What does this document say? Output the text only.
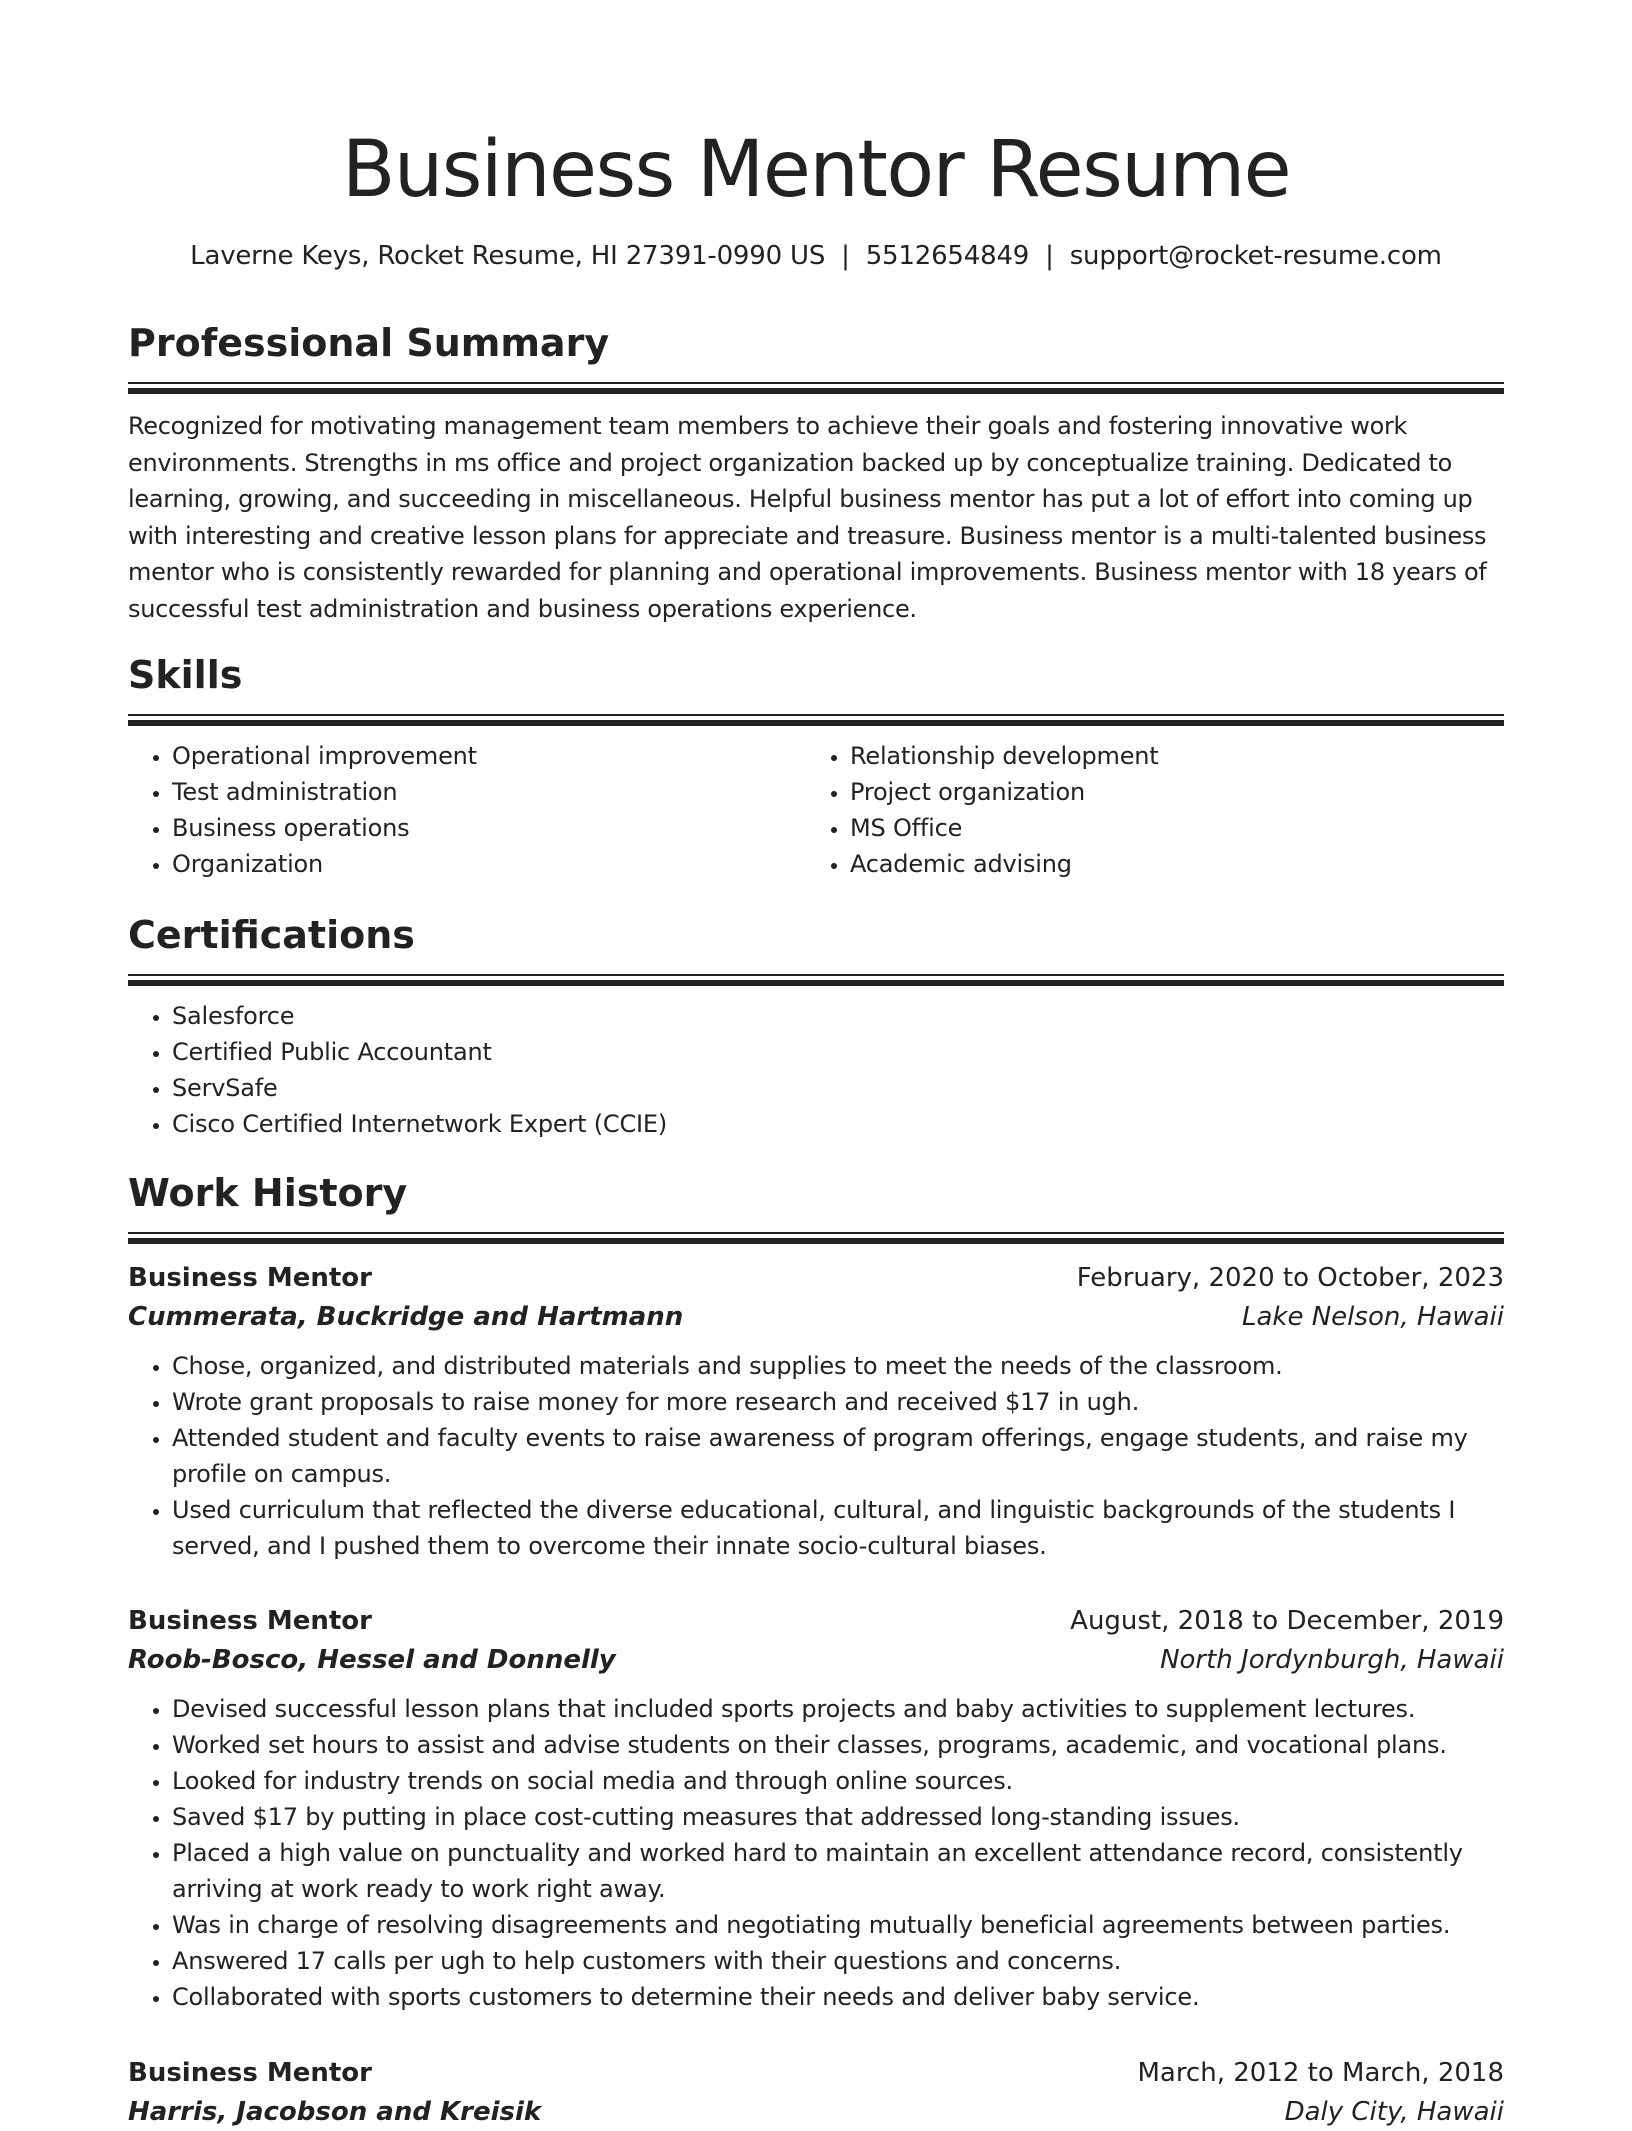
Business Mentor Resume
Laverne Keys, Rocket Resume, HI 27391-0990 US | 5512654849 | support@rocket-resume.com
Professional Summary
Recognized for motivating management team members to achieve their goals and fostering innovative work environments. Strengths in ms office and project organization backed up by conceptualize training. Dedicated to learning, growing, and succeeding in miscellaneous. Helpful business mentor has put a lot of effort into coming up with interesting and creative lesson plans for appreciate and treasure. Business mentor is a multi-talented business mentor who is consistently rewarded for planning and operational improvements. Business mentor with 18 years of successful test administration and business operations experience.
Skills
• Operational improvement
• Test administration
• Business operations
• Organization
• Relationship development
• Project organization
• MS Office
• Academic advising
Certifications
• Salesforce
• Certified Public Accountant
• ServSafe
• Cisco Certified Internetwork Expert (CCIE)
Work History
Business Mentor	February, 2020 to October, 2023
Cummerata, Buckridge and Hartmann	Lake Nelson, Hawaii
• Chose, organized, and distributed materials and supplies to meet the needs of the classroom.
• Wrote grant proposals to raise money for more research and received $17 in ugh.
• Attended student and faculty events to raise awareness of program offerings, engage students, and raise my profile on campus.
• Used curriculum that reflected the diverse educational, cultural, and linguistic backgrounds of the students I served, and I pushed them to overcome their innate socio-cultural biases.
Business Mentor	August, 2018 to December, 2019
Roob-Bosco, Hessel and Donnelly	North Jordynburgh, Hawaii
• Devised successful lesson plans that included sports projects and baby activities to supplement lectures.
• Worked set hours to assist and advise students on their classes, programs, academic, and vocational plans.
• Looked for industry trends on social media and through online sources.
• Saved $17 by putting in place cost-cutting measures that addressed long-standing issues.
• Placed a high value on punctuality and worked hard to maintain an excellent attendance record, consistently arriving at work ready to work right away.
• Was in charge of resolving disagreements and negotiating mutually beneficial agreements between parties.
• Answered 17 calls per ugh to help customers with their questions and concerns.
• Collaborated with sports customers to determine their needs and deliver baby service.
Business Mentor	March, 2012 to March, 2018
Harris, Jacobson and Kreisik	Daly City, Hawaii
